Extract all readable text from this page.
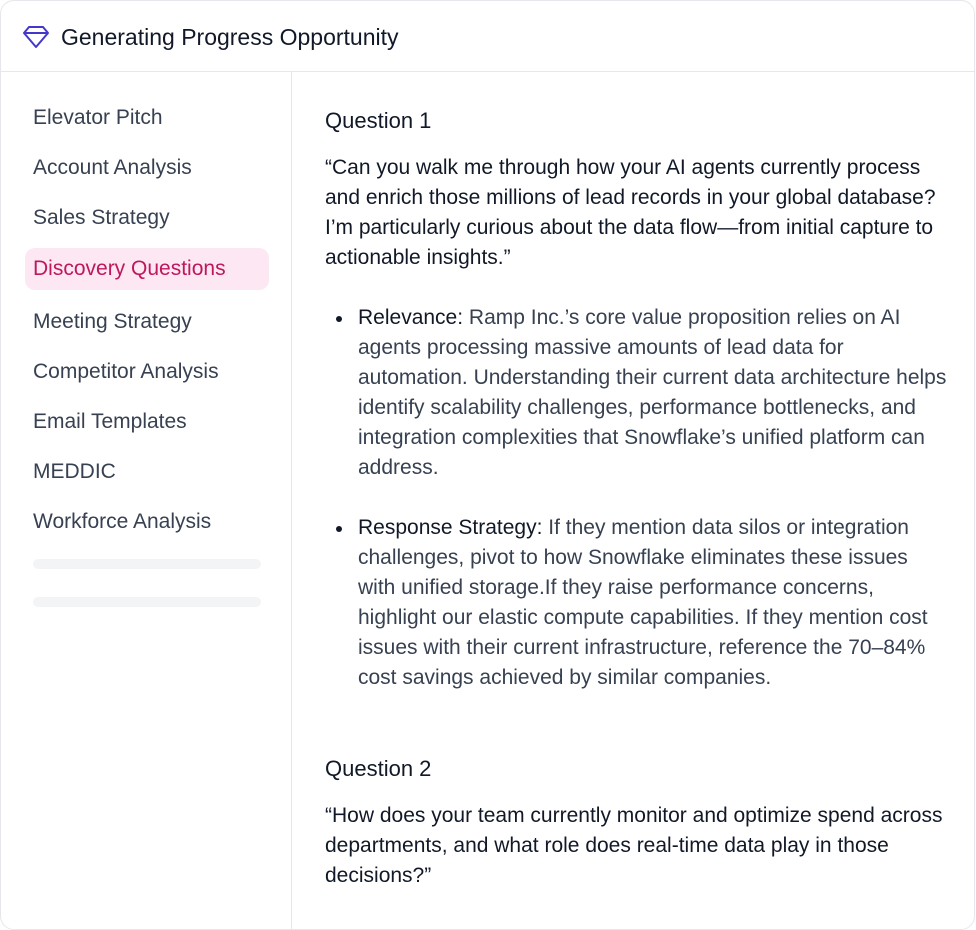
Generating Progress Opportunity
Elevator Pitch
Account Analysis
Sales Strategy
Discovery Questions
Meeting Strategy
Competitor Analysis
Email Templates
MEDDIC
Workforce Analysis
Question 1
“Can you walk me through how your AI agents currently process and enrich those millions of lead records in your global database? I’m particularly curious about the data flow—from initial capture to actionable insights.”
Relevance: Ramp Inc.’s core value proposition relies on AI agents processing massive amounts of lead data for automation. Understanding their current data architecture helps identify scalability challenges, performance bottlenecks, and integration complexities that Snowflake’s unified platform can address.
Response Strategy: If they mention data silos or integration challenges, pivot to how Snowflake eliminates these issues with unified storage.If they raise performance concerns, highlight our elastic compute capabilities. If they mention cost issues with their current infrastructure, reference the 70–84% cost savings achieved by similar companies.
Question 2
“How does your team currently monitor and optimize spend across departments, and what role does real-time data play in those decisions?”
